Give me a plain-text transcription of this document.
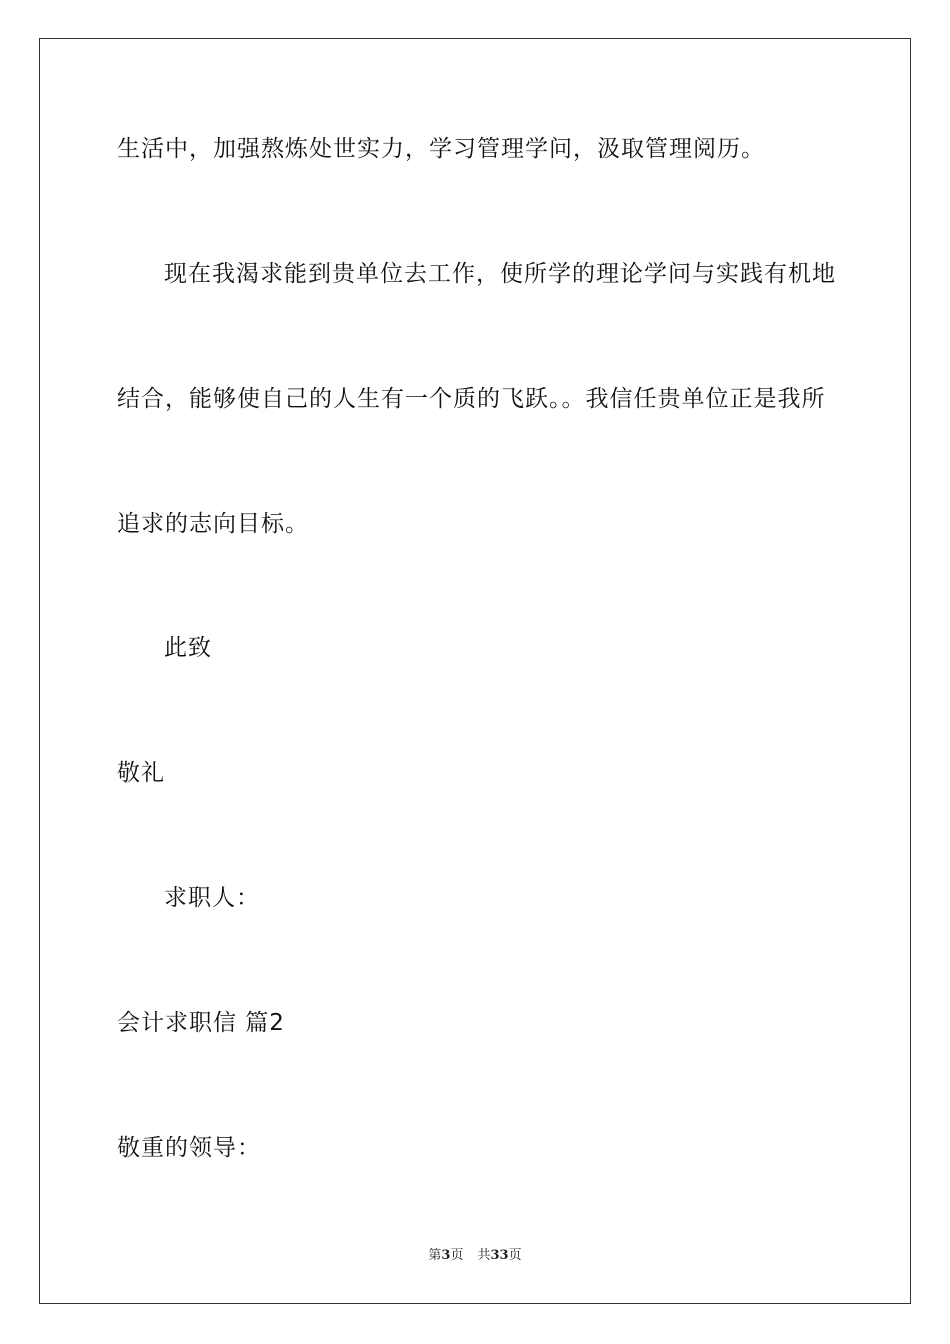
生活中，加强熬炼处世实力，学习管理学问，汲取管理阅历。
现在我渴求能到贵单位去工作，使所学的理论学问与实践有机地
结合，能够使自己的人生有一个质的飞跃。。我信任贵单位正是我所
追求的志向目标。
此致
敬礼
求职人：
会计求职信 篇2
敬重的领导：
第3页 共33页
